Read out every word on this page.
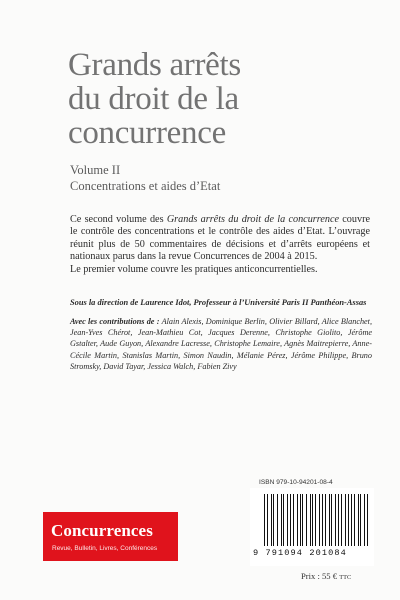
Grands arrêts
du droit de la
concurrence
Volume II
Concentrations et aides d’Etat

Ce second volume des Grands arrêts du droit de la concurrence couvre le contrôle des concentrations et le contrôle des aides d’Etat. L’ouvrage réunit plus de 50 commentaires de décisions et d’arrêts européens et nationaux parus dans la revue Concurrences de 2004 à 2015.

Le premier volume couvre les pratiques anticoncurrentielles.

Sous la direction de Laurence Idot, Professeur à l’Université Paris II Panthéon-Assas
Avec les contributions de : Alain Alexis, Dominique Berlin, Olivier Billard, Alice Blanchet, Jean-Yves Chérot, Jean-Mathieu Cot, Jacques Derenne, Christophe Giolito, Jérôme Gstalter, Aude Guyon, Alexandre Lacresse, Christophe Lemaire, Agnès Maitrepierre, Anne-Cécile Martin, Stanislas Martin, Simon Naudin, Mélanie Pérez, Jérôme Philippe, Bruno Stromsky, David Tayar, Jessica Walch, Fabien Zivy
Concurrences
Revue, Bulletin, Livres, Conférences
ISBN 979-10-94201-08-4
9 791094 201084
Prix : 55 € TTC
